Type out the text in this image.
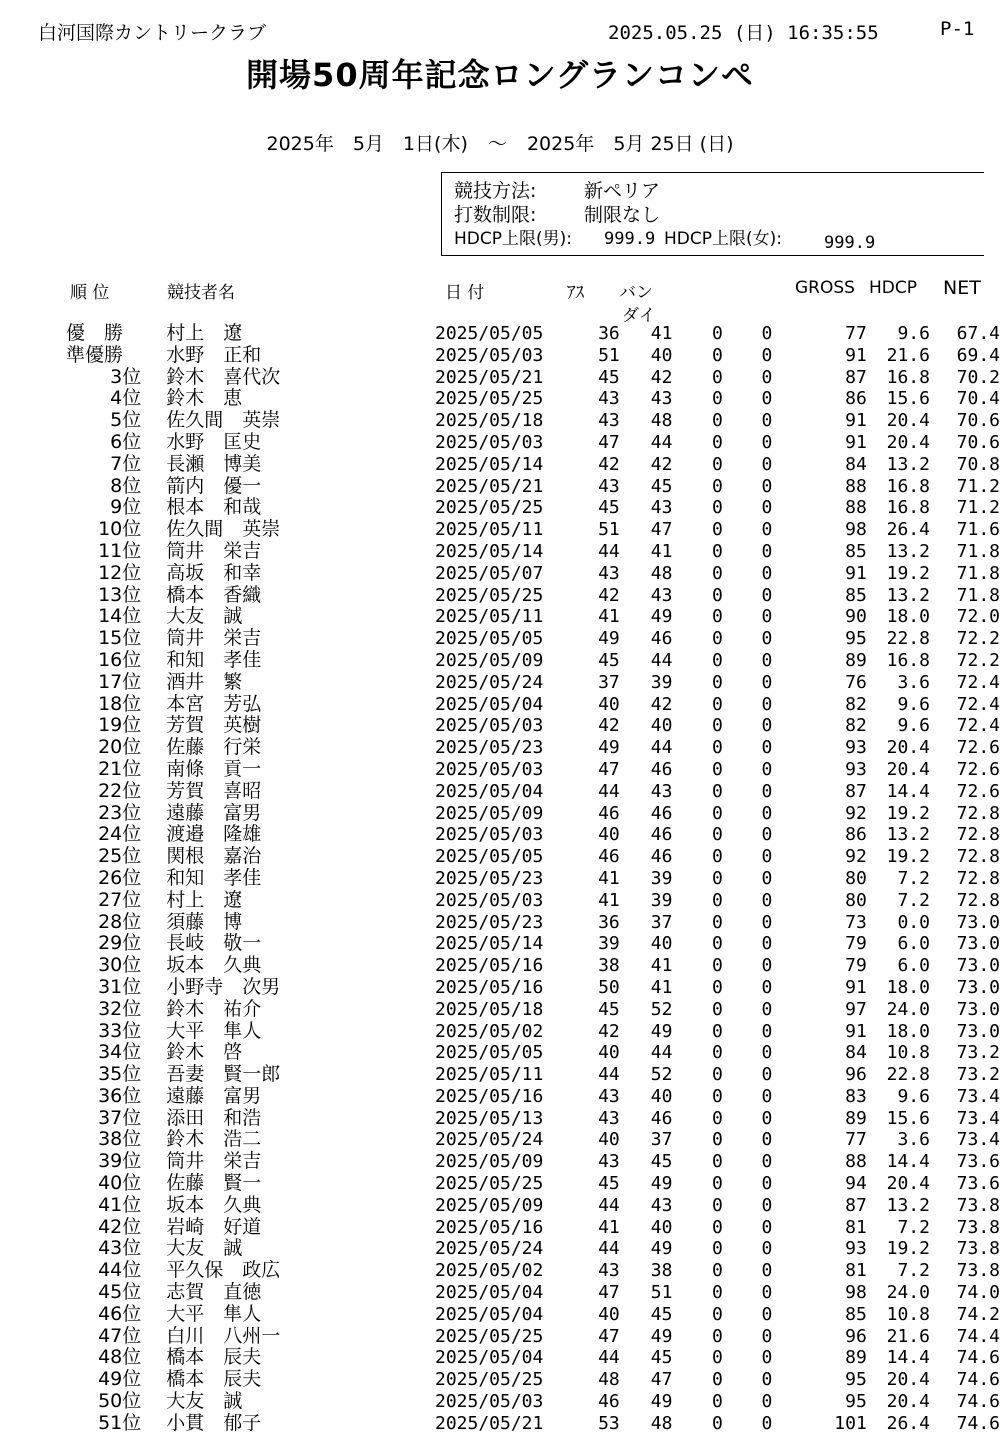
白河国際カントリークラブ	2025.05.25 (日) 16:35:55	P-1
開場50周年記念ロングランコンペ
2025年　5月　1日(木) ～ 2025年　5月 25日 (日)
競技方法:	新ペリア
打数制限:	制限なし
HDCP上限(男): 999.9 HDCP上限(女): 999.9
順 位	競技者名	日 付	ｱｽ バン
ダイ
GROSS HDCP NET
優　勝	村上　遼	2025/05/05	36	41	0	0	77	9.6	67.4
準優勝	水野　正和	2025/05/03	51	40	0	0	91	21.6	69.4
3位	鈴木　喜代次	2025/05/21	45	42	0	0	87	16.8	70.2
4位	鈴木　恵	2025/05/25	43	43	0	0	86	15.6	70.4
5位	佐久間　英崇	2025/05/18	43	48	0	0	91	20.4	70.6
6位	水野　匡史	2025/05/03	47	44	0	0	91	20.4	70.6
7位	長瀬　博美	2025/05/14	42	42	0	0	84	13.2	70.8
8位	箭内　優一	2025/05/21	43	45	0	0	88	16.8	71.2
9位	根本　和哉	2025/05/25	45	43	0	0	88	16.8	71.2
10位	佐久間　英崇	2025/05/11	51	47	0	0	98	26.4	71.6
11位	筒井　栄吉	2025/05/14	44	41	0	0	85	13.2	71.8
12位	高坂　和幸	2025/05/07	43	48	0	0	91	19.2	71.8
13位	橋本　香織	2025/05/25	42	43	0	0	85	13.2	71.8
14位	大友　誠	2025/05/11	41	49	0	0	90	18.0	72.0
15位	筒井　栄吉	2025/05/05	49	46	0	0	95	22.8	72.2
16位	和知　孝佳	2025/05/09	45	44	0	0	89	16.8	72.2
17位	酒井　繁	2025/05/24	37	39	0	0	76	3.6	72.4
18位	本宮　芳弘	2025/05/04	40	42	0	0	82	9.6	72.4
19位	芳賀　英樹	2025/05/03	42	40	0	0	82	9.6	72.4
20位	佐藤　行栄	2025/05/23	49	44	0	0	93	20.4	72.6
21位	南條　貢一	2025/05/03	47	46	0	0	93	20.4	72.6
22位	芳賀　喜昭	2025/05/04	44	43	0	0	87	14.4	72.6
23位	遠藤　富男	2025/05/09	46	46	0	0	92	19.2	72.8
24位	渡邉　隆雄	2025/05/03	40	46	0	0	86	13.2	72.8
25位	関根　嘉治	2025/05/05	46	46	0	0	92	19.2	72.8
26位	和知　孝佳	2025/05/23	41	39	0	0	80	7.2	72.8
27位	村上　遼	2025/05/03	41	39	0	0	80	7.2	72.8
28位	須藤　博	2025/05/23	36	37	0	0	73	0.0	73.0
29位	長岐　敬一	2025/05/14	39	40	0	0	79	6.0	73.0
30位	坂本　久典	2025/05/16	38	41	0	0	79	6.0	73.0
31位	小野寺　次男	2025/05/16	50	41	0	0	91	18.0	73.0
32位	鈴木　祐介	2025/05/18	45	52	0	0	97	24.0	73.0
33位	大平　隼人	2025/05/02	42	49	0	0	91	18.0	73.0
34位	鈴木　啓	2025/05/05	40	44	0	0	84	10.8	73.2
35位	吾妻　賢一郎	2025/05/11	44	52	0	0	96	22.8	73.2
36位	遠藤　富男	2025/05/16	43	40	0	0	83	9.6	73.4
37位	添田　和浩	2025/05/13	43	46	0	0	89	15.6	73.4
38位	鈴木　浩二	2025/05/24	40	37	0	0	77	3.6	73.4
39位	筒井　栄吉	2025/05/09	43	45	0	0	88	14.4	73.6
40位	佐藤　賢一	2025/05/25	45	49	0	0	94	20.4	73.6
41位	坂本　久典	2025/05/09	44	43	0	0	87	13.2	73.8
42位	岩崎　好道	2025/05/16	41	40	0	0	81	7.2	73.8
43位	大友　誠	2025/05/24	44	49	0	0	93	19.2	73.8
44位	平久保　政広	2025/05/02	43	38	0	0	81	7.2	73.8
45位	志賀　直徳	2025/05/04	47	51	0	0	98	24.0	74.0
46位	大平　隼人	2025/05/04	40	45	0	0	85	10.8	74.2
47位	白川　八州一	2025/05/25	47	49	0	0	96	21.6	74.4
48位	橋本　辰夫	2025/05/04	44	45	0	0	89	14.4	74.6
49位	橋本　辰夫	2025/05/25	48	47	0	0	95	20.4	74.6
50位	大友　誠	2025/05/03	46	49	0	0	95	20.4	74.6
51位	小貫　郁子	2025/05/21	53	48	0	0	101	26.4	74.6
